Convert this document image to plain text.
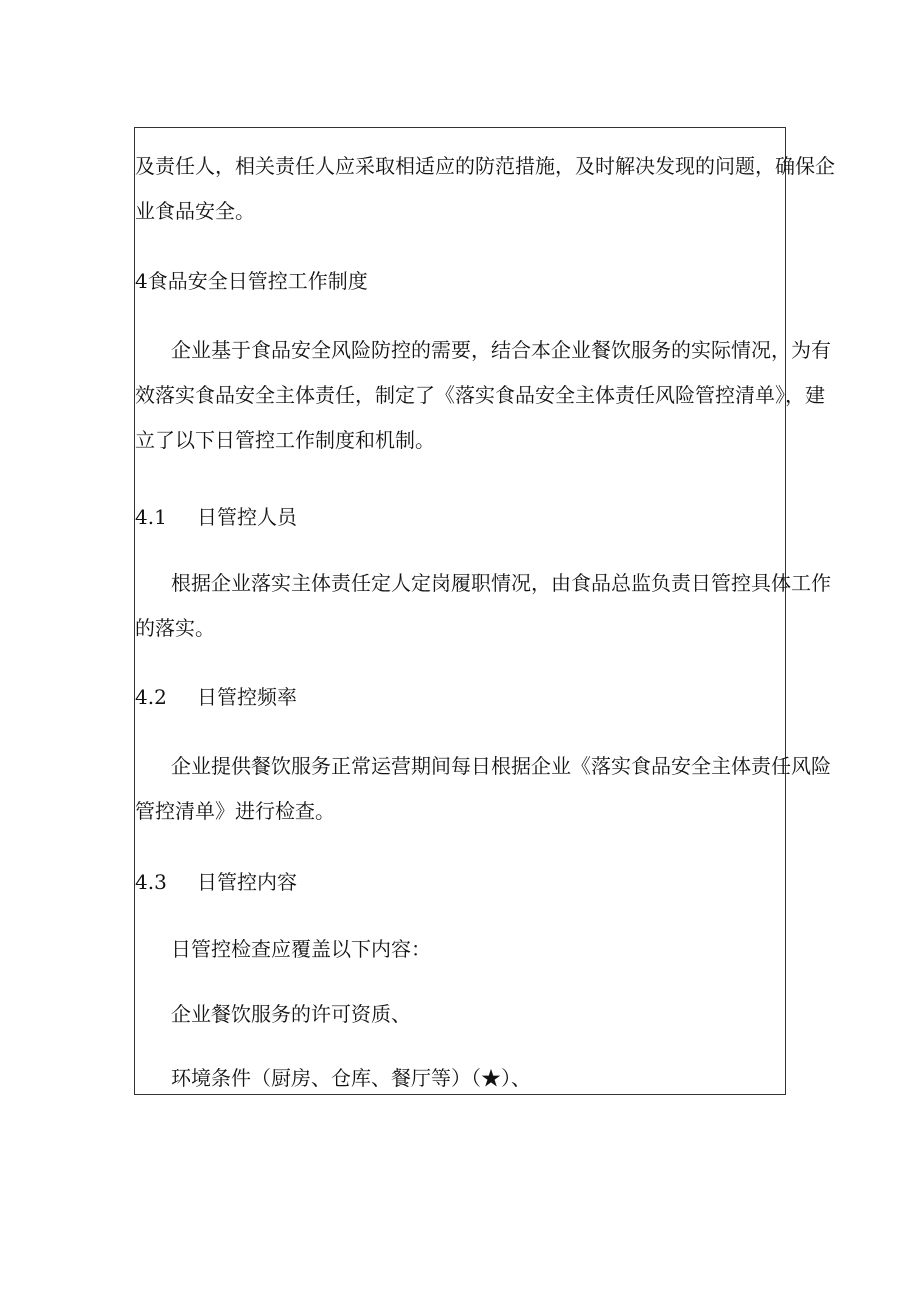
及责任人，相关责任人应采取相适应的防范措施，及时解决发现的问题，确保企

业食品安全。

4食品安全日管控工作制度

企业基于食品安全风险防控的需要，结合本企业餐饮服务的实际情况，为有

效落实食品安全主体责任，制定了《落实食品安全主体责任风险管控清单》，建

立了以下日管控工作制度和机制。

4.1 日管控人员

根据企业落实主体责任定人定岗履职情况，由食品总监负责日管控具体工作

的落实。

4.2 日管控频率

企业提供餐饮服务正常运营期间每日根据企业《落实食品安全主体责任风险

管控清单》进行检查。

4.3 日管控内容

日管控检查应覆盖以下内容：

企业餐饮服务的许可资质、

环境条件（厨房、仓库、餐厅等）（★）、
